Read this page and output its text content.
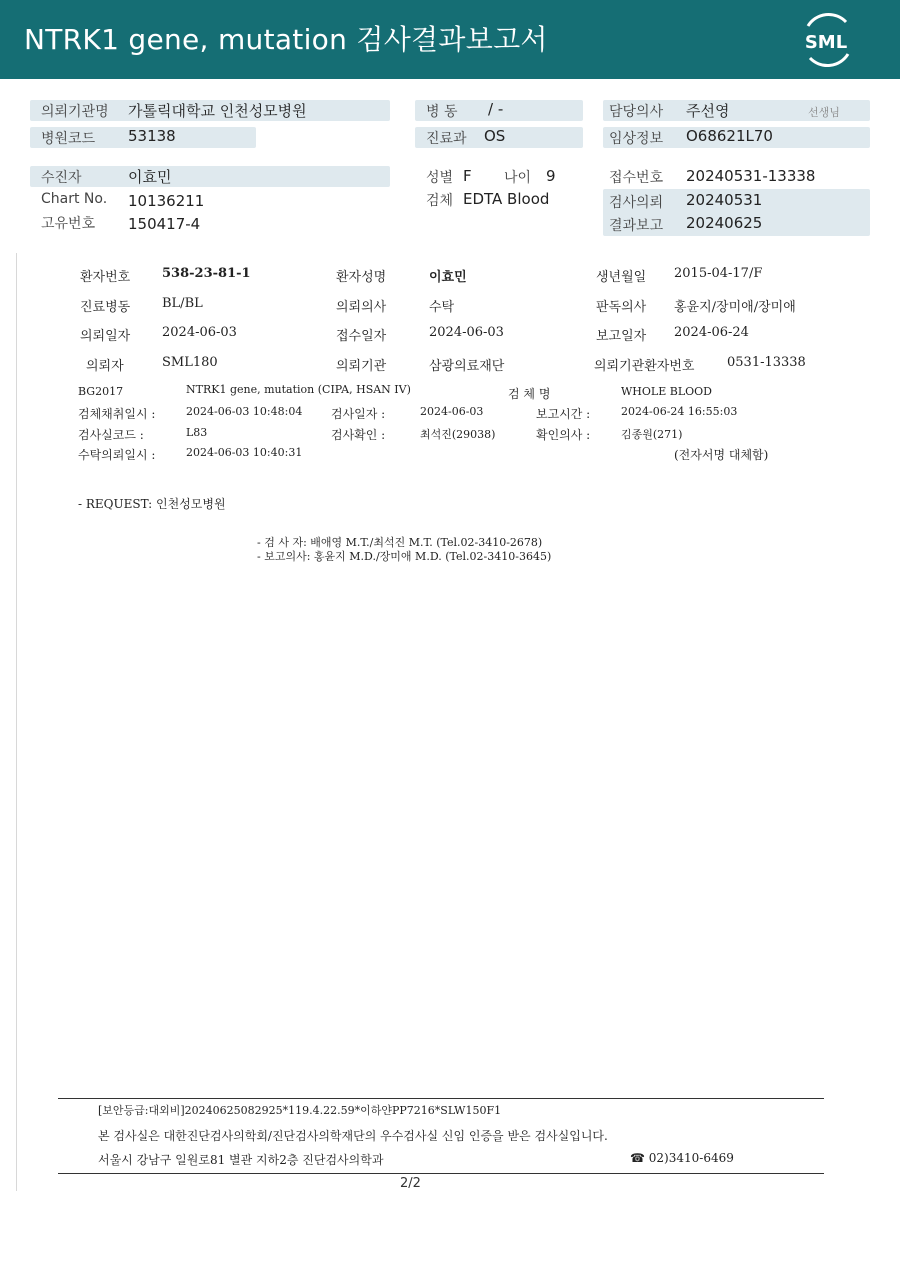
NTRK1 gene, mutation 검사결과보고서	SML
의뢰기관명 가톨릭대학교 인천성모병원
병원코드 53138
병 동 / -
진료과 OS
담당의사 주선영	선생님
임상정보 O68621L70
수진자	이효민
Chart No. 10136211
고유번호 150417-4
성별 F 나이 9
검체 EDTA Blood
접수번호 20240531-13338
검사의뢰 20240531
결과보고 20240625
환자번호 538-23-81-1	환자성명	이효민	생년월일 2015-04-17/F
진료병동 BL/BL	의뢰의사	수탁	판독의사 홍윤지/장미애/장미애
의뢰일자 2024-06-03	접수일자	2024-06-03	보고일자 2024-06-24
의뢰자	SML180	의뢰기관	삼광의료재단	의뢰기관환자번호	0531-13338
BG2017	NTRK1 gene, mutation (CIPA, HSAN IV)	검 체 명	WHOLE BLOOD
검체채취일시 :	2024-06-03 10:48:04 검사일자 :	2024-06-03	보고시간 :	2024-06-24 16:55:03
검사실코드 :	L83	검사확인 :	최석진(29038)	확인의사 :	김종원(271)
수탁의뢰일시 :	2024-06-03 10:40:31	(전자서명 대체함)
- REQUEST: 인천성모병원
- 검 사 자: 배애영 M.T./최석진 M.T. (Tel.02-3410-2678)
- 보고의사: 홍윤지 M.D./장미애 M.D. (Tel.02-3410-3645)
[보안등급:대외비]20240625082925*119.4.22.59*이하얀PP7216*SLW150F1
본 검사실은 대한진단검사의학회/진단검사의학재단의 우수검사실 신임 인증을 받은 검사실입니다.
서울시 강남구 일원로81 별관 지하2층 진단검사의학과	☎ 02)3410-6469
2/2
